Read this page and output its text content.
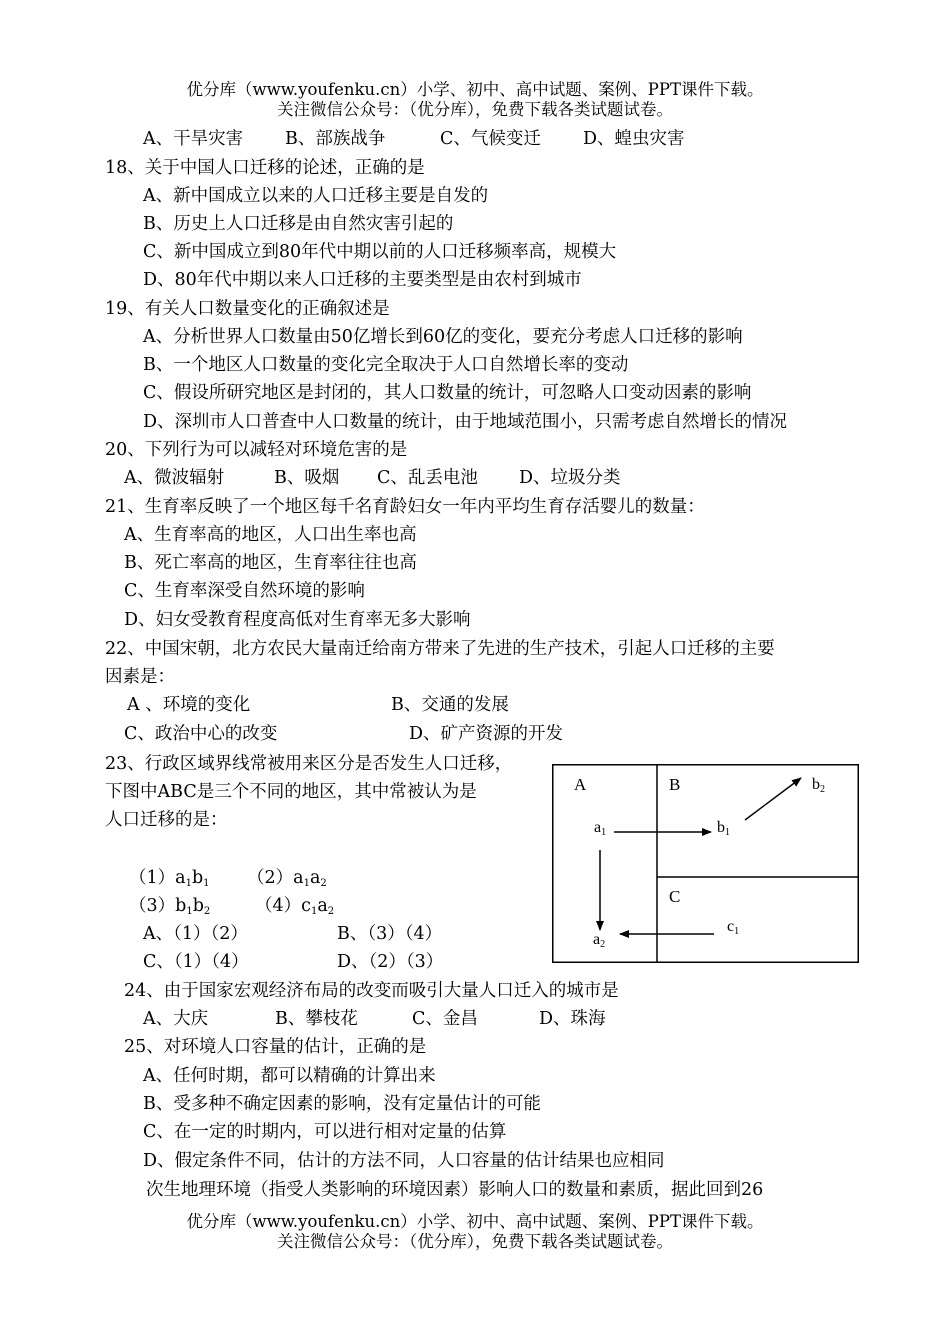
优分库（www.youfenku.cn）小学、初中、高中试题、案例、PPT课件下载。
关注微信公众号：（优分库），免费下载各类试题试卷。
A、干旱灾害 B、部族战争	C、气候变迁 D、蝗虫灾害
18、关于中国人口迁移的论述，正确的是
A、新中国成立以来的人口迁移主要是自发的
B、历史上人口迁移是由自然灾害引起的
C、新中国成立到80年代中期以前的人口迁移频率高，规模大
D、80年代中期以来人口迁移的主要类型是由农村到城市
19、有关人口数量变化的正确叙述是
A、分析世界人口数量由50亿增长到60亿的变化，要充分考虑人口迁移的影响
B、一个地区人口数量的变化完全取决于人口自然增长率的变动
C、假设所研究地区是封闭的，其人口数量的统计，可忽略人口变动因素的影响
D、深圳市人口普查中人口数量的统计，由于地域范围小，只需考虑自然增长的情况
20、下列行为可以减轻对环境危害的是
A、微波辐射	B、吸烟 C、乱丢电池 D、垃圾分类
21、生育率反映了一个地区每千名育龄妇女一年内平均生育存活婴儿的数量：
A、生育率高的地区，人口出生率也高
B、死亡率高的地区，生育率往往也高
C、生育率深受自然环境的影响
D、妇女受教育程度高低对生育率无多大影响
22、中国宋朝，北方农民大量南迁给南方带来了先进的生产技术，引起人口迁移的主要
因素是：
A 、环境的变化	B、交通的发展
C、政治中心的改变	D、矿产资源的开发
23、行政区域界线常被用来区分是否发生人口迁移，
下图中ABC是三个不同的地区，其中常被认为是
人口迁移的是：
$(1)a_1b_1$ $(2)a_1a_2$
$(3)b_1b_2$	$(4)c_1a_2$
A、（1）（2）	B、（3）（4）
C、（1）（4）	D、（2）（3）
A	B
C
a1	b1
b2
c1
a2
24、由于国家宏观经济布局的改变而吸引大量人口迁入的城市是
A、大庆	B、攀枝花	C、金昌	D、珠海
25、对环境人口容量的估计，正确的是
A、任何时期，都可以精确的计算出来
B、受多种不确定因素的影响，没有定量估计的可能
C、在一定的时期内，可以进行相对定量的估算
D、假定条件不同，估计的方法不同，人口容量的估计结果也应相同
次生地理环境（指受人类影响的环境因素）影响人口的数量和素质，据此回到26
优分库（www.youfenku.cn）小学、初中、高中试题、案例、PPT课件下载。
关注微信公众号：（优分库），免费下载各类试题试卷。
